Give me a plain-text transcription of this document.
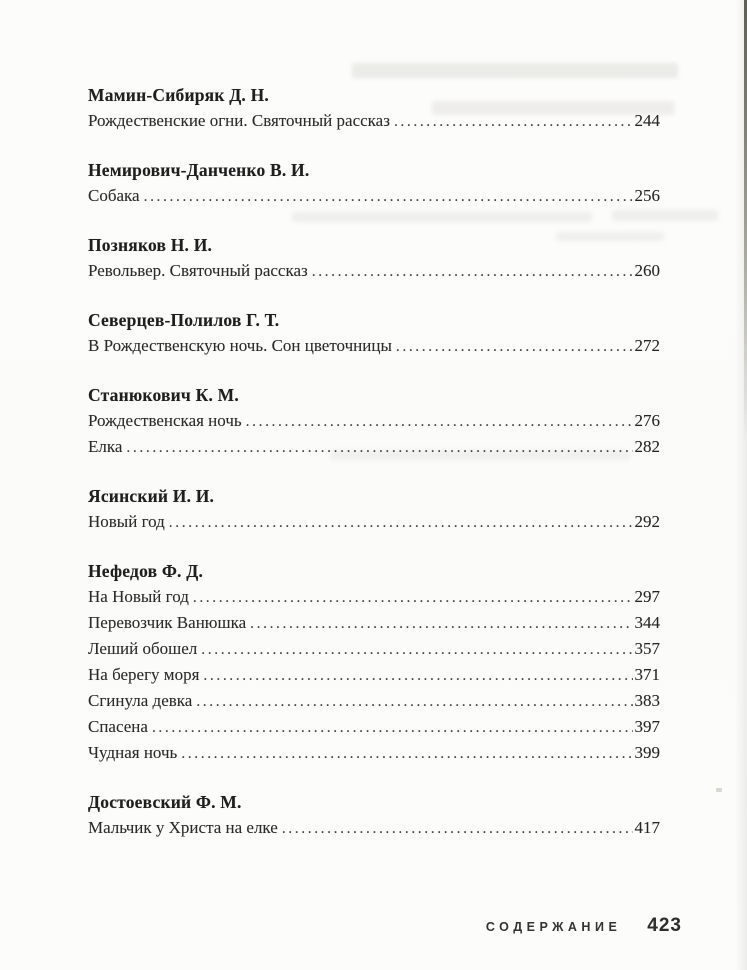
Мамин-Сибиряк Д. Н.
Рождественские огни. Святочный рассказ .....	244
Немирович-Данченко В. И.
Собака .....	256
Позняков Н. И.
Револьвер. Святочный рассказ .....	260
Северцев-Полилов Г. Т.
В Рождественскую ночь. Сон цветочницы .....	272
Станюкович К. М.
Рождественская ночь .....	276
Елка .....	282
Ясинский И. И.
Новый год .....	292
Нефедов Ф. Д.
На Новый год .....	297
Перевозчик Ванюшка .....	344
Леший обошел .....	357
На берегу моря .....	371
Сгинула девка .....	383
Спасена .....	397
Чудная ночь .....	399
Достоевский Ф. М.
Мальчик у Христа на елке .....	417
СОДЕРЖАНИЕ 423
